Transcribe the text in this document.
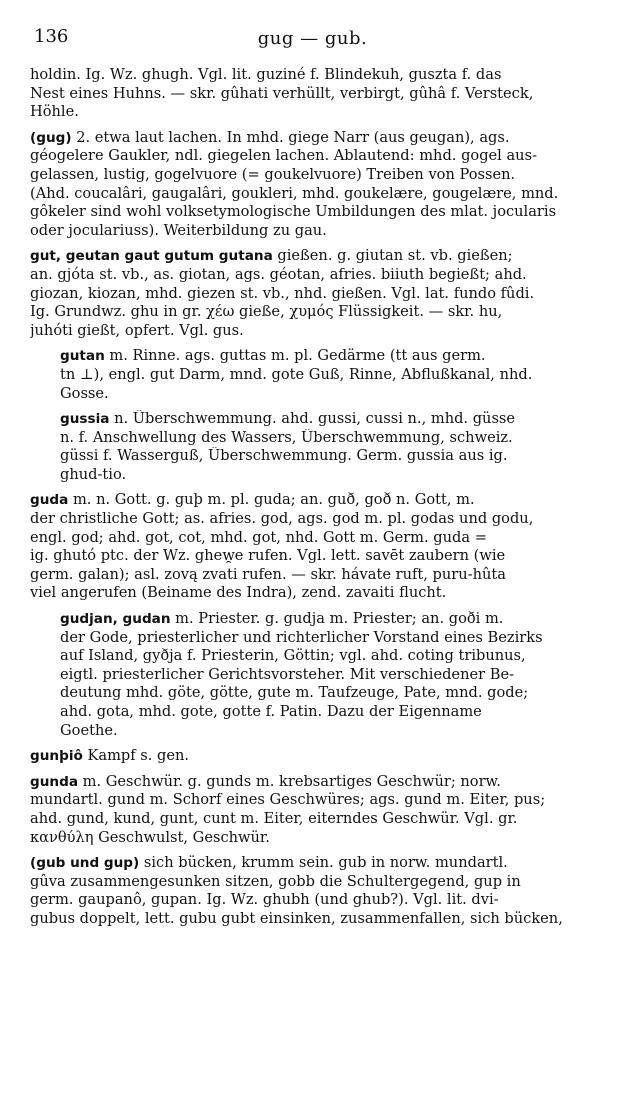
136	gug — gub.

holdin. Ig. Wz. ghugh. Vgl. lit. guziné f. Blindekuh, guszta f. das
Nest eines Huhns. — skr. gûhati verhüllt, verbirgt, gûhâ f. Versteck,
Höhle.

(gug) 2. etwa laut lachen. In mhd. giege Narr (aus geugan), ags.
géogelere Gaukler, ndl. giegelen lachen. Ablautend: mhd. gogel aus-
gelassen, lustig, gogelvuore (= goukelvuore) Treiben von Possen.
(Ahd. coucalâri, gaugalâri, goukleri, mhd. goukelære, gougelære, mnd.
gôkeler sind wohl volksetymologische Umbildungen des mlat. jocularis
oder joculariuss). Weiterbildung zu gau.

gut, geutan gaut gutum gutana gießen. g. giutan st. vb. gießen;
an. gjóta st. vb., as. giotan, ags. géotan, afries. biiuth begießt; ahd.
giozan, kiozan, mhd. giezen st. vb., nhd. gießen. Vgl. lat. fundo fûdi.
Ig. Grundwz. ghu in gr. χέω gieße, χυμός Flüssigkeit. — skr. hu,
juhóti gießt, opfert. Vgl. gus.

gutan m. Rinne. ags. guttas m. pl. Gedärme (tt aus germ.
tn ⊥), engl. gut Darm, mnd. gote Guß, Rinne, Abflußkanal, nhd.
Gosse.

gussia n. Überschwemmung. ahd. gussi, cussi n., mhd. güsse
n. f. Anschwellung des Wassers, Überschwemmung, schweiz.
güssi f. Wasserguß, Überschwemmung. Germ. gussia aus ig.
ghud-tio.

guda m. n. Gott. g. guþ m. pl. guda; an. guð, goð n. Gott, m.
der christliche Gott; as. afries. god, ags. god m. pl. godas und godu,
engl. god; ahd. got, cot, mhd. got, nhd. Gott m. Germ. guda =
ig. ghutó ptc. der Wz. ghew̯e rufen. Vgl. lett. savēt zaubern (wie
germ. galan); asl. zovą zvati rufen. — skr. hávate ruft, puru-hûta
viel angerufen (Beiname des Indra), zend. zavaiti flucht.

gudjan, gudan m. Priester. g. gudja m. Priester; an. goði m.
der Gode, priesterlicher und richterlicher Vorstand eines Bezirks
auf Island, gyðja f. Priesterin, Göttin; vgl. ahd. coting tribunus,
eigtl. priesterlicher Gerichtsvorsteher. Mit verschiedener Be-
deutung mhd. göte, götte, gute m. Taufzeuge, Pate, mnd. gode;
ahd. gota, mhd. gote, gotte f. Patin. Dazu der Eigenname
Goethe.

gunþiô Kampf s. gen.

gunda m. Geschwür. g. gunds m. krebsartiges Geschwür; norw.
mundartl. gund m. Schorf eines Geschwüres; ags. gund m. Eiter, pus;
ahd. gund, kund, gunt, cunt m. Eiter, eiterndes Geschwür. Vgl. gr.
κανθύλη Geschwulst, Geschwür.

(gub und gup) sich bücken, krumm sein. gub in norw. mundartl.
gûva zusammengesunken sitzen, gobb die Schultergegend, gup in
germ. gaupanô, gupan. Ig. Wz. ghubh (und ghub?). Vgl. lit. dvi-
gubus doppelt, lett. gubu gubt einsinken, zusammenfallen, sich bücken,
